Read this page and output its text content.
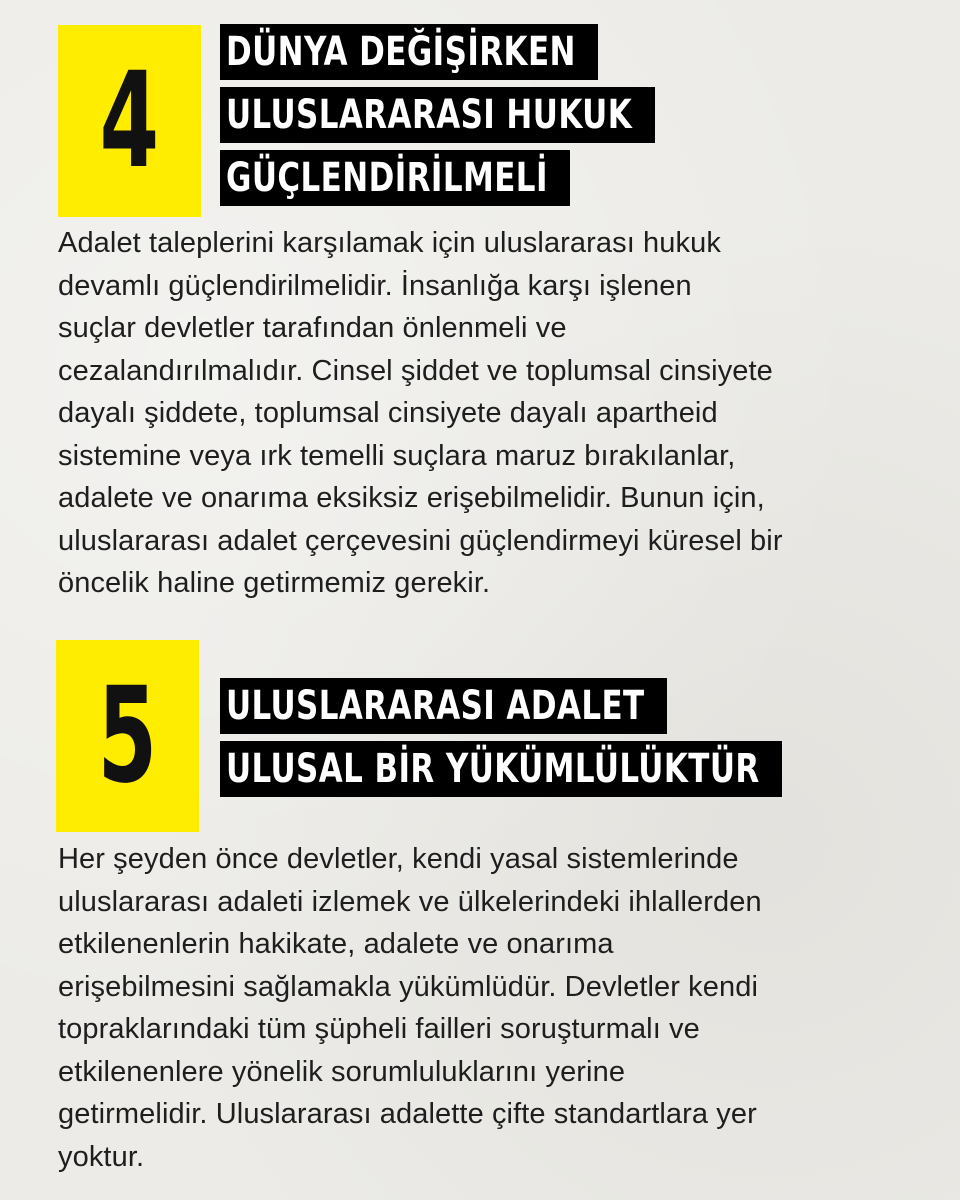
4 DÜNYA DEĞİŞİRKEN
ULUSLARARASI HUKUK
GÜÇLENDİRİLMELİ
Adalet taleplerini karşılamak için uluslararası hukuk
devamlı güçlendirilmelidir. İnsanlığa karşı işlenen
suçlar devletler tarafından önlenmeli ve
cezalandırılmalıdır. Cinsel şiddet ve toplumsal cinsiyete
dayalı şiddete, toplumsal cinsiyete dayalı apartheid
sistemine veya ırk temelli suçlara maruz bırakılanlar,
adalete ve onarıma eksiksiz erişebilmelidir. Bunun için,
uluslararası adalet çerçevesini güçlendirmeyi küresel bir
öncelik haline getirmemiz gerekir.
5 ULUSLARARASI ADALET
ULUSAL BİR YÜKÜMLÜLÜKTÜR
Her şeyden önce devletler, kendi yasal sistemlerinde
uluslararası adaleti izlemek ve ülkelerindeki ihlallerden
etkilenenlerin hakikate, adalete ve onarıma
erişebilmesini sağlamakla yükümlüdür. Devletler kendi
topraklarındaki tüm şüpheli failleri soruşturmalı ve
etkilenenlere yönelik sorumluluklarını yerine
getirmelidir. Uluslararası adalette çifte standartlara yer
yoktur.
